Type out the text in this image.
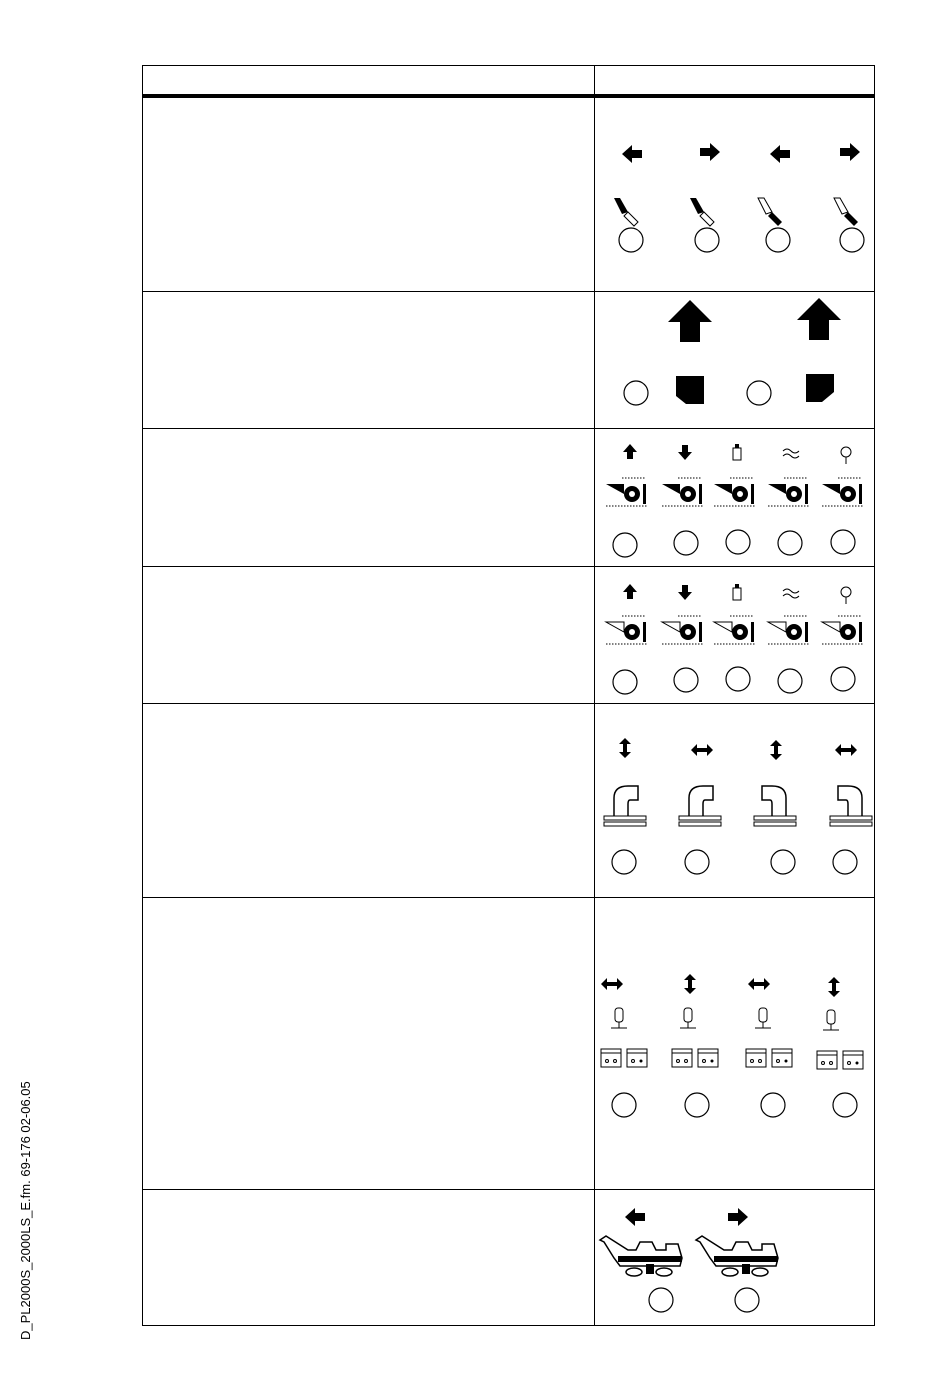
D_PL2000S_2000LS_E.fm. 69-176 02-06.05
